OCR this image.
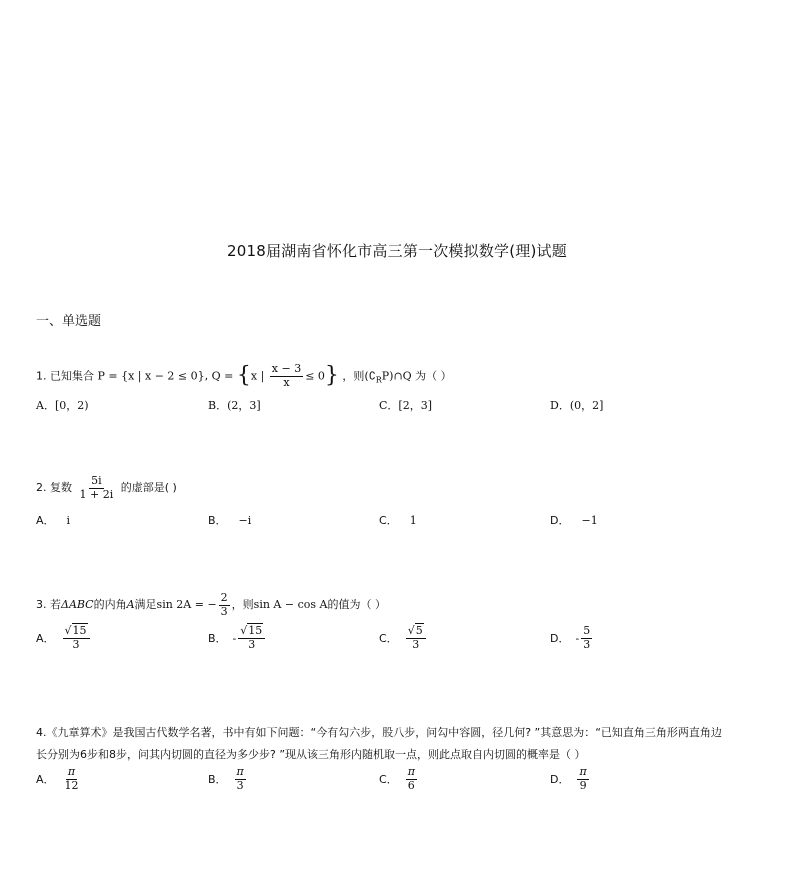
2018届湖南省怀化市高三第一次模拟数学(理)试题
一、单选题
1. 已知集合 P = {x | x − 2 ≤ 0}, Q = {x | $\frac{x - 3}{x} \le 0$} ，则$(∁_RP)\cap Q$ 为（ ）
A．[0，2)	B．(2，3]	C．[2，3]	D．(0，2]
2. 复数 $\frac{5i}{1 + 2i}$ 的虚部是( )
A． i	B． −i	C． 1	D． −1
3. 若ΔABC的内角A满足sin 2A = − $\frac{2}{3}$ ，则sin A − cos A的值为（ ）
A． $\frac{√15}{3}$	B． - $\frac{√15}{3}$	C． $\frac{√5}{3}$	D． - $\frac{5}{3}$
4.《九章算术》是我国古代数学名著，书中有如下问题：“今有勾六步，股八步，问勾中容圆，径几何? ”其意思为：“已知直角三角形两直角边
长分别为6步和8步，问其内切圆的直径为多少步? ”现从该三角形内随机取一点，则此点取自内切圆的概率是（ ）
A． $\frac{\pi}{12}$	B． $\frac{\pi}{3}$	C． $\frac{\pi}{6}$	D． $\frac{\pi}{9}$
